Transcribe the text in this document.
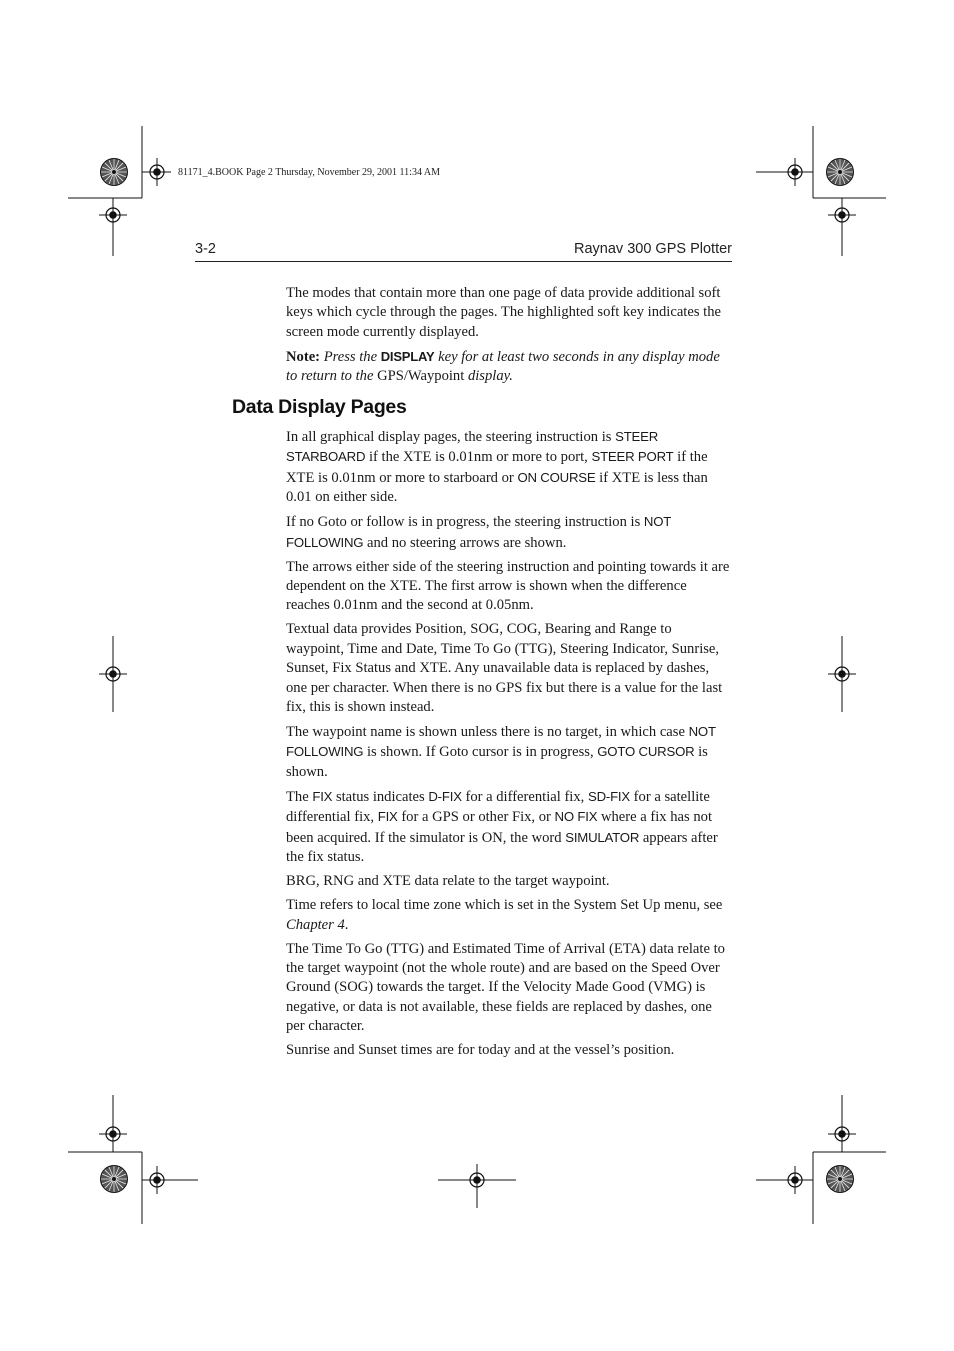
81171_4.BOOK Page 2 Thursday, November 29, 2001 11:34 AM
3-2	Raynav 300 GPS Plotter

The modes that contain more than one page of data provide additional soft keys which cycle through the pages. The highlighted soft key indicates the screen mode currently displayed.

Note: Press the DISPLAY key for at least two seconds in any display mode to return to the GPS/Waypoint display.

Data Display Pages

In all graphical display pages, the steering instruction is STEER STARBOARD if the XTE is 0.01nm or more to port, STEER PORT if the XTE is 0.01nm or more to starboard or ON COURSE if XTE is less than 0.01 on either side.

If no Goto or follow is in progress, the steering instruction is NOT FOLLOWING and no steering arrows are shown.

The arrows either side of the steering instruction and pointing towards it are dependent on the XTE. The first arrow is shown when the difference reaches 0.01nm and the second at 0.05nm.

Textual data provides Position, SOG, COG, Bearing and Range to waypoint, Time and Date, Time To Go (TTG), Steering Indicator, Sunrise, Sunset, Fix Status and XTE. Any unavailable data is replaced by dashes, one per character. When there is no GPS fix but there is a value for the last fix, this is shown instead.

The waypoint name is shown unless there is no target, in which case NOT FOLLOWING is shown. If Goto cursor is in progress, GOTO CURSOR is shown.

The FIX status indicates D-FIX for a differential fix, SD-FIX for a satellite differential fix, FIX for a GPS or other Fix, or NO FIX where a fix has not been acquired. If the simulator is ON, the word SIMULATOR appears after the fix status.

BRG, RNG and XTE data relate to the target waypoint.

Time refers to local time zone which is set in the System Set Up menu, see Chapter 4.

The Time To Go (TTG) and Estimated Time of Arrival (ETA) data relate to the target waypoint (not the whole route) and are based on the Speed Over Ground (SOG) towards the target. If the Velocity Made Good (VMG) is negative, or data is not available, these fields are replaced by dashes, one per character.

Sunrise and Sunset times are for today and at the vessel’s position.
